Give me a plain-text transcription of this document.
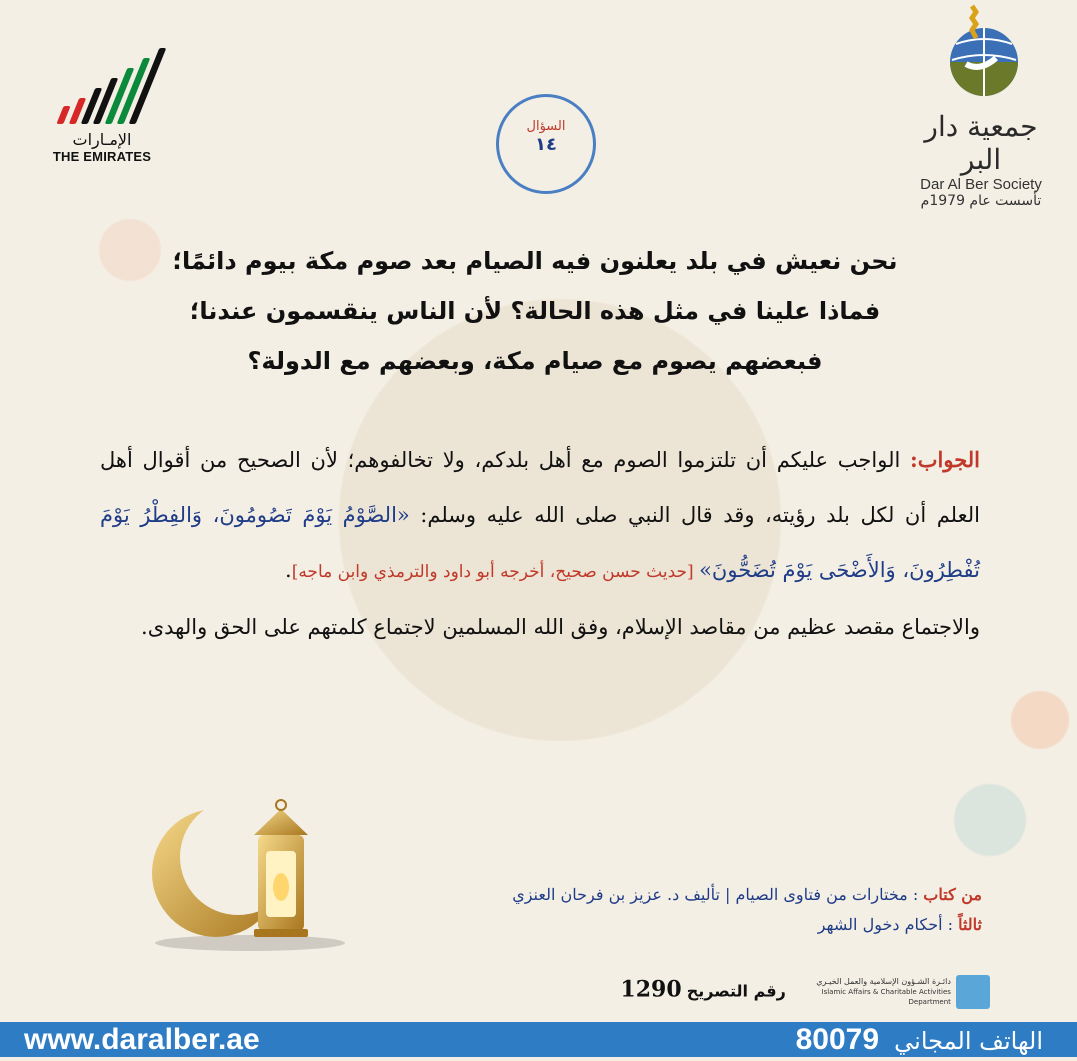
الإمـارات
THE EMIRATES
جمعية دار البر
Dar Al Ber Society
تأسست عام 1979م
السؤال
١٤
نحن نعيش في بلد يعلنون فيه الصيام بعد صوم مكة بيوم دائمًا؛
فماذا علينا في مثل هذه الحالة؟ لأن الناس ينقسمون عندنا؛
فبعضهم يصوم مع صيام مكة، وبعضهم مع الدولة؟
الجواب: الواجب عليكم أن تلتزموا الصوم مع أهل بلدكم، ولا تخالفوهم؛ لأن الصحيح من أقوال أهل العلم أن لكل بلد رؤيته، وقد قال النبي صلى الله عليه وسلم: «الصَّوْمُ يَوْمَ تَصُومُونَ، وَالفِطْرُ يَوْمَ تُفْطِرُونَ، وَالأَضْحَى يَوْمَ تُضَحُّونَ» [حديث حسن صحيح، أخرجه أبو داود والترمذي وابن ماجه].
والاجتماع مقصد عظيم من مقاصد الإسلام، وفق الله المسلمين لاجتماع كلمتهم على الحق والهدى.
من كتاب : مختارات من فتاوى الصيام | تأليف د. عزيز بن فرحان العنزي
ثالثاً : أحكام دخول الشهر
دائـرة الشـؤون الإسلامية والعمل الخيـري
Islamic Affairs & Charitable Activities Department رقم التصريح 1290
www.daralber.ae	الهاتف المجاني 80079
